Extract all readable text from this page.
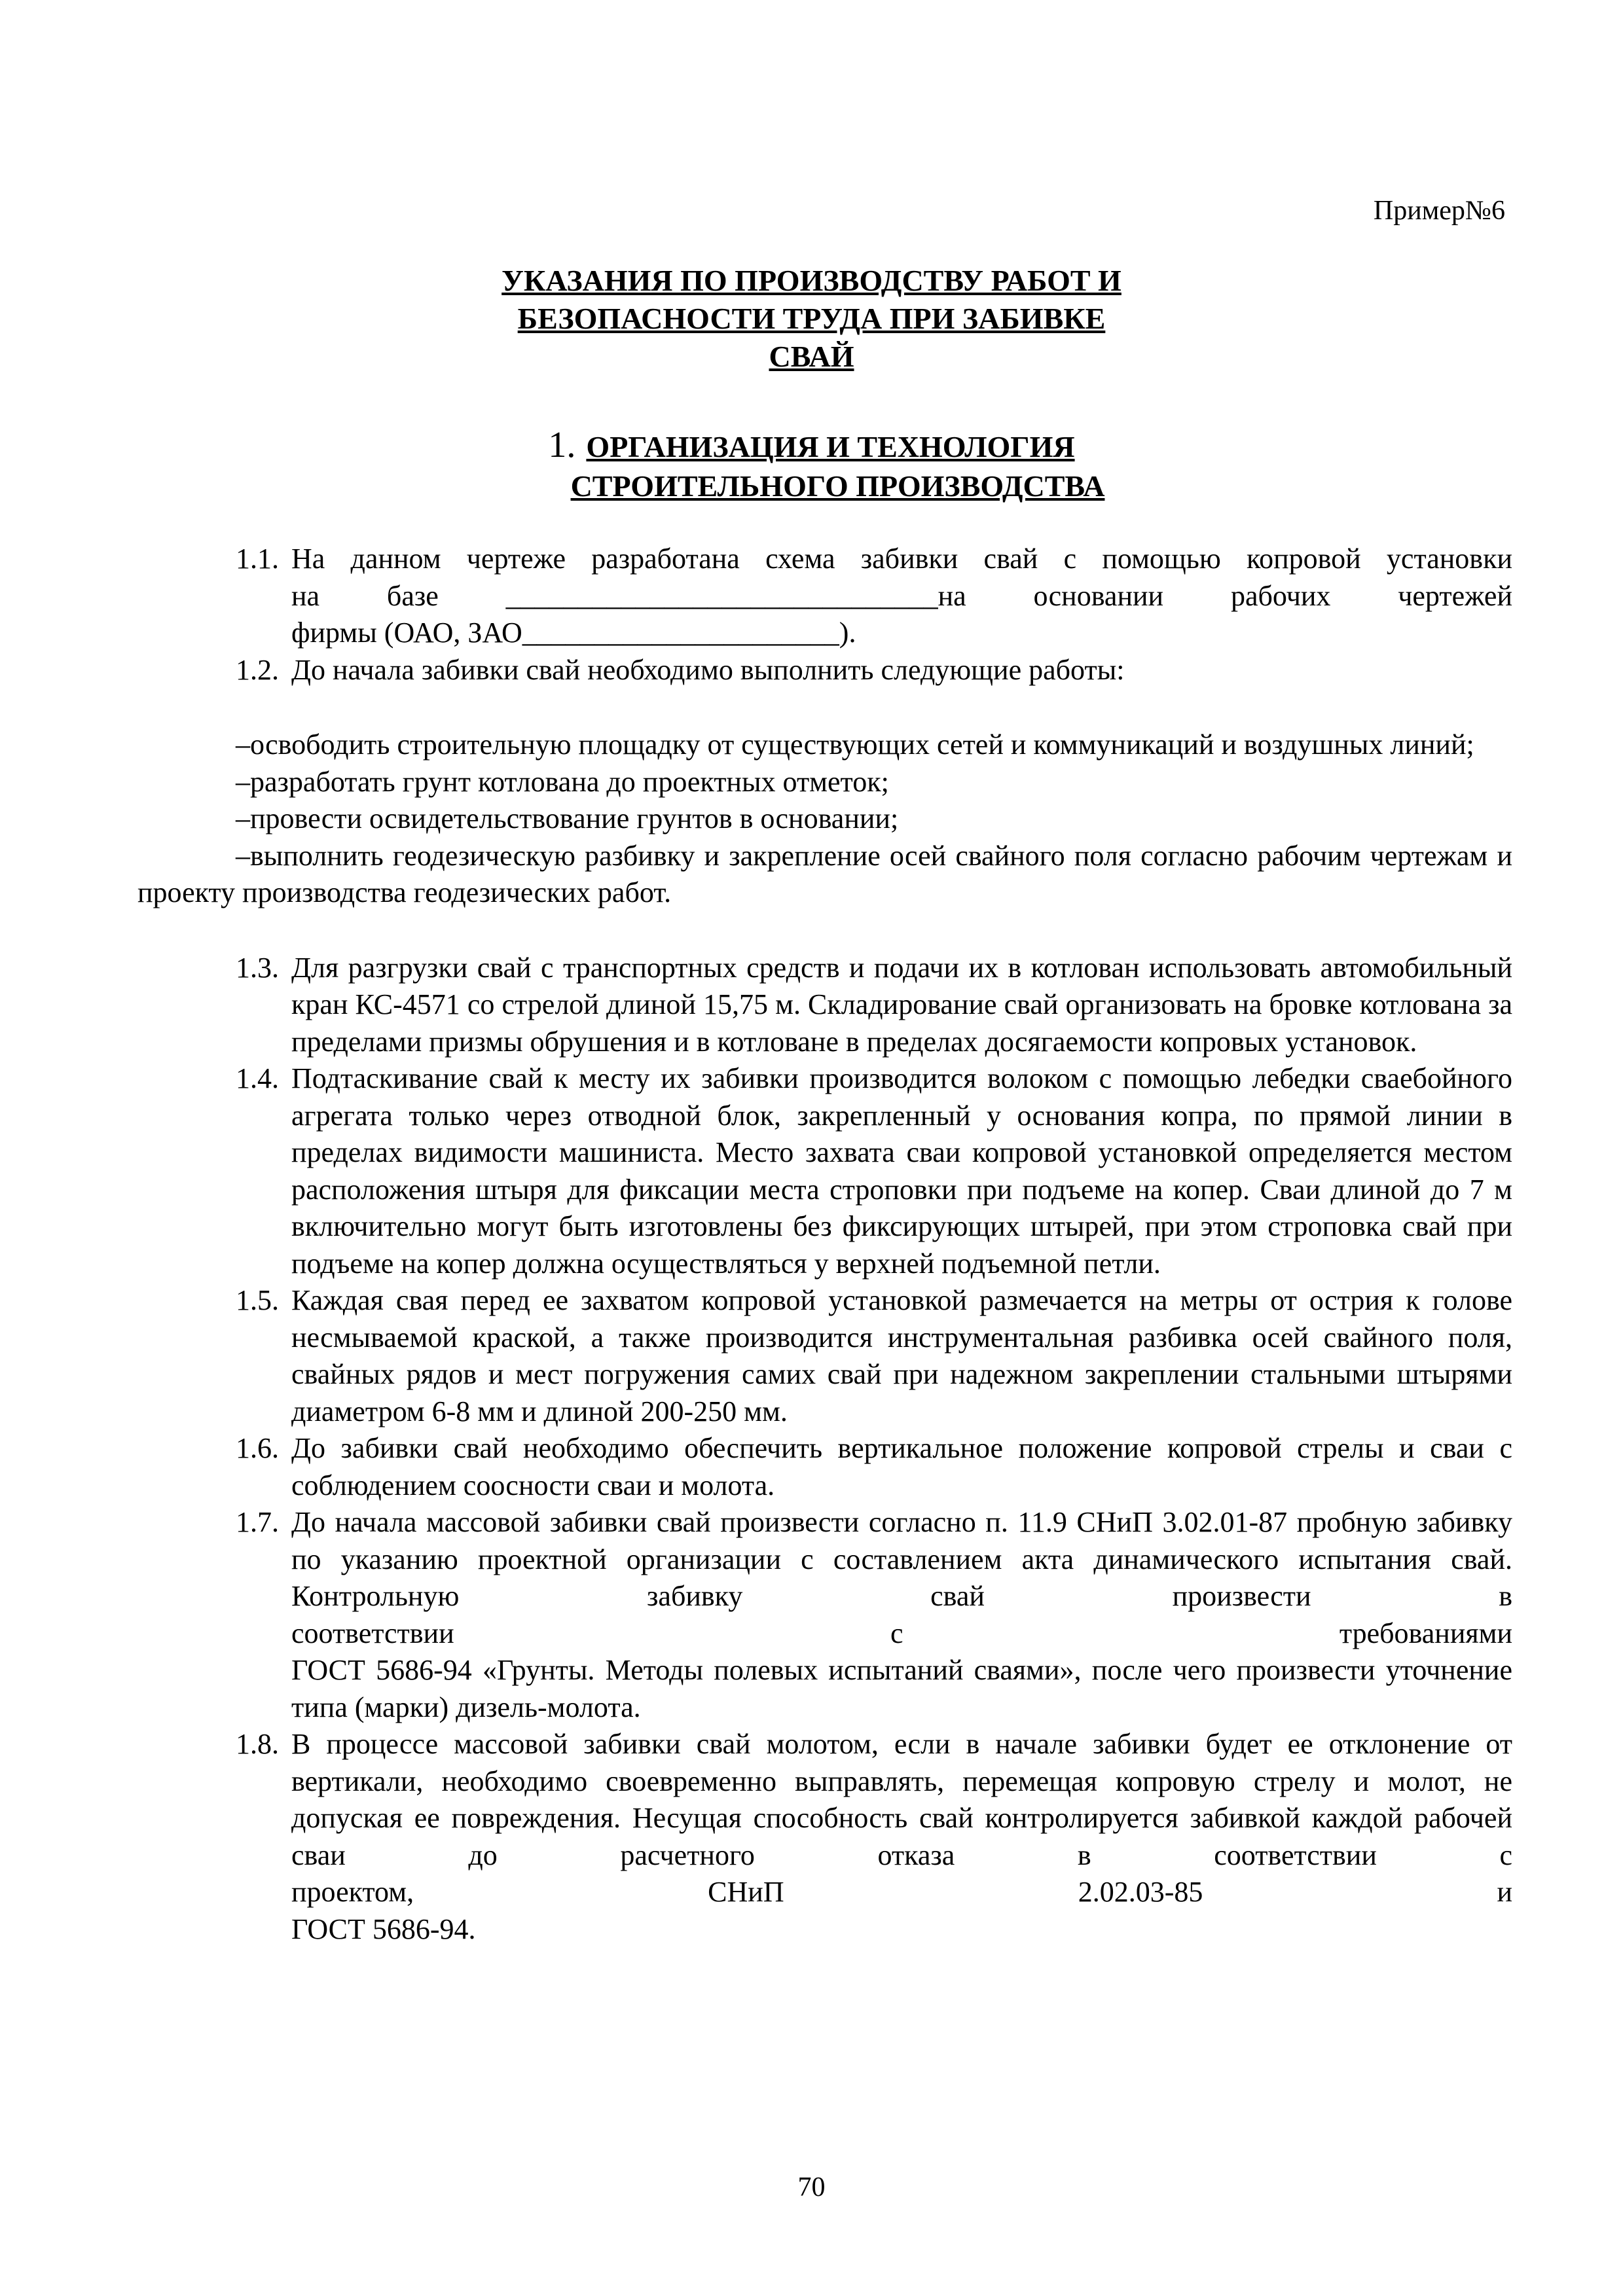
Пример№6
УКАЗАНИЯ ПО ПРОИЗВОДСТВУ РАБОТ И
БЕЗОПАСНОСТИ ТРУДА ПРИ ЗАБИВКЕ
СВАЙ
1. ОРГАНИЗАЦИЯ И ТЕХНОЛОГИЯ
СТРОИТЕЛЬНОГО ПРОИЗВОДСТВА
1.1. На данном чертеже разработана схема забивки свай с помощью копровой установки
на базе ______________________________на основании рабочих чертежей
фирмы (ОАО, ЗАО______________________).
1.2. До начала забивки свай необходимо выполнить следующие работы:
–освободить строительную площадку от существующих сетей и коммуникаций и воздушных линий;
–разработать грунт котлована до проектных отметок;
–провести освидетельствование грунтов в основании;
–выполнить геодезическую разбивку и закрепление осей свайного поля согласно рабочим чертежам и проекту производства геодезических работ.
1.3. Для разгрузки свай с транспортных средств и подачи их в котлован использовать автомобильный кран КС-4571 со стрелой длиной 15,75 м. Складирование свай организовать на бровке котлована за пределами призмы обрушения и в котловане в пределах досягаемости копровых установок.
1.4. Подтаскивание свай к месту их забивки производится волоком с помощью лебедки сваебойного агрегата только через отводной блок, закрепленный у основания копра, по прямой линии в пределах видимости машиниста. Место захвата сваи копровой установкой определяется местом расположения штыря для фиксации места строповки при подъеме на копер. Сваи длиной до 7 м включительно могут быть изготовлены без фиксирующих штырей, при этом строповка свай при подъеме на копер должна осуществляться у верхней подъемной петли.
1.5. Каждая свая перед ее захватом копровой установкой размечается на метры от острия к голове несмываемой краской, а также производится инструментальная разбивка осей свайного поля, свайных рядов и мест погружения самих свай при надежном закреплении стальными штырями диаметром 6-8 мм и длиной 200-250 мм.
1.6. До забивки свай необходимо обеспечить вертикальное положение копровой стрелы и сваи с соблюдением соосности сваи и молота.
1.7. До начала массовой забивки свай произвести согласно п. 11.9 СНиП 3.02.01-87 пробную забивку по указанию проектной организации с составлением акта динамического испытания свай. Контрольную забивку свай произвести в
соответствии с требованиями
ГОСТ 5686-94 «Грунты. Методы полевых испытаний сваями», после чего произвести уточнение типа (марки) дизель-молота.
1.8. В процессе массовой забивки свай молотом, если в начале забивки будет ее отклонение от вертикали, необходимо своевременно выправлять, перемещая копровую стрелу и молот, не допуская ее повреждения. Несущая способность свай контролируется забивкой каждой рабочей сваи до расчетного отказа в соответствии с
проектом, СНиП 2.02.03-85 и
ГОСТ 5686-94.
70
